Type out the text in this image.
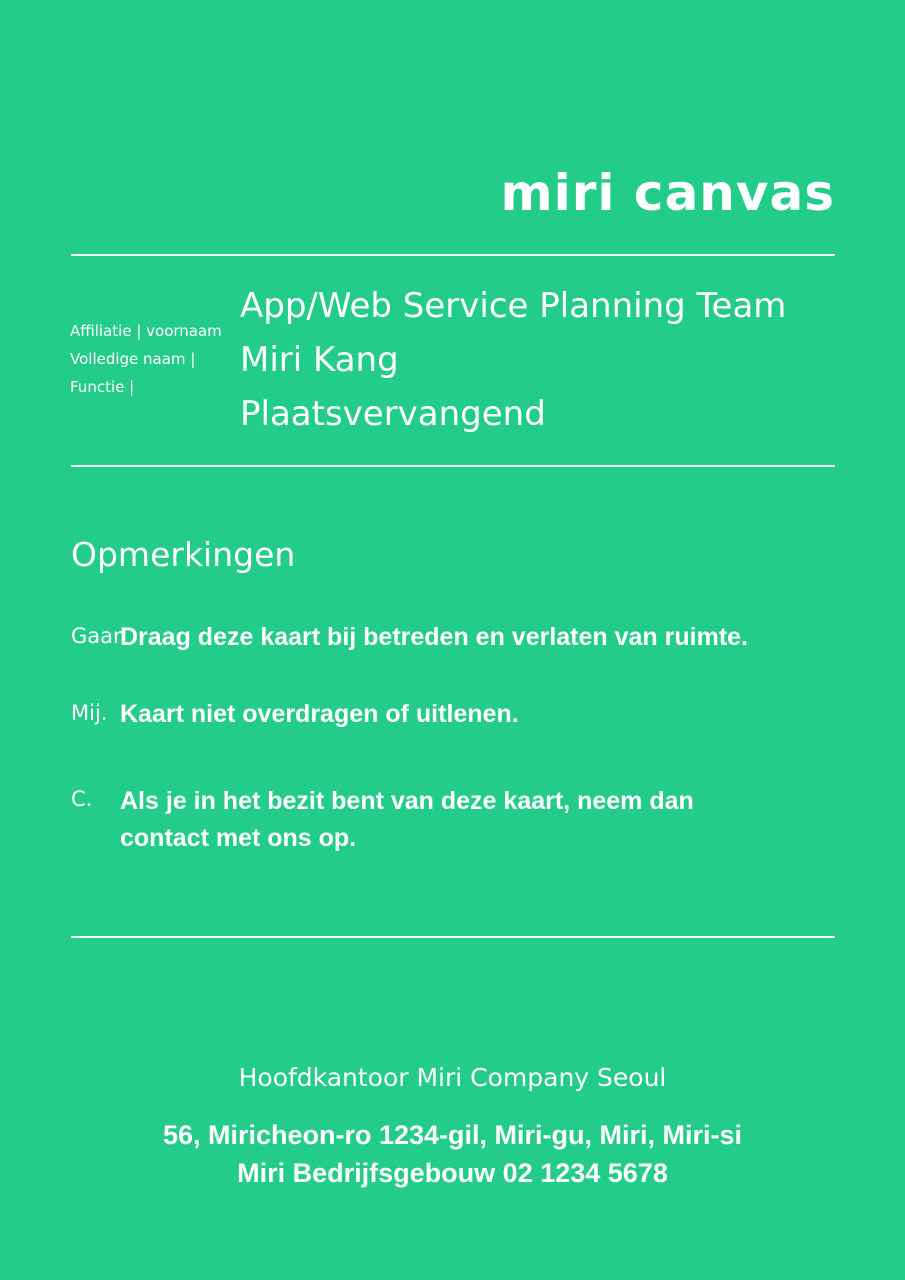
miri canvas
Affiliatie | voornaam
Volledige naam |
Functie |
App/Web Service Planning Team
Miri Kang
Plaatsvervangend
Opmerkingen
Gaan
Draag deze kaart bij betreden en verlaten van ruimte.
Mij. Kaart niet overdragen of uitlenen.
C. Als je in het bezit bent van deze kaart, neem dan contact met ons op.
Hoofdkantoor Miri Company Seoul
56, Miricheon-ro 1234-gil, Miri-gu, Miri, Miri-si
Miri Bedrijfsgebouw 02 1234 5678
